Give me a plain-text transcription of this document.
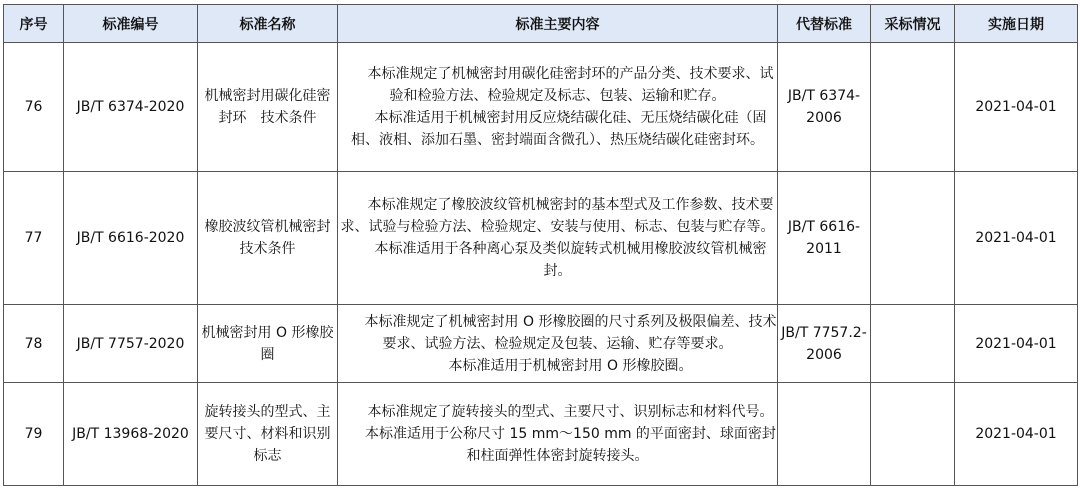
序号	标准编号	标准名称	标准主要内容	代替标准	采标情况	实施日期
76	JB/T 6374-2020	机械密封用碳化硅密封环　技术条件	本标准规定了机械密封用碳化硅密封环的产品分类、技术要求、试验和检验方法、检验规定及标志、包装、运输和贮存。

本标准适用于机械密封用反应烧结碳化硅、无压烧结碳化硅（固相、液相、添加石墨、密封端面含微孔）、热压烧结碳化硅密封环。	JB/T 6374-2006		2021-04-01
77	JB/T 6616-2020	橡胶波纹管机械密封　技术条件	本标准规定了橡胶波纹管机械密封的基本型式及工作参数、技术要求、试验与检验方法、检验规定、安装与使用、标志、包装与贮存等。

本标准适用于各种离心泵及类似旋转式机械用橡胶波纹管机械密封。	JB/T 6616-2011		2021-04-01
78	JB/T 7757-2020	机械密封用 O 形橡胶圈	本标准规定了机械密封用 O 形橡胶圈的尺寸系列及极限偏差、技术要求、试验方法、检验规定及包装、运输、贮存等要求。

本标准适用于机械密封用 O 形橡胶圈。	JB/T 7757.2-2006		2021-04-01
79	JB/T 13968-2020	旋转接头的型式、主要尺寸、材料和识别标志	本标准规定了旋转接头的型式、主要尺寸、识别标志和材料代号。

本标准适用于公称尺寸 15 mm～150 mm 的平面密封、球面密封和柱面弹性体密封旋转接头。			2021-04-01
